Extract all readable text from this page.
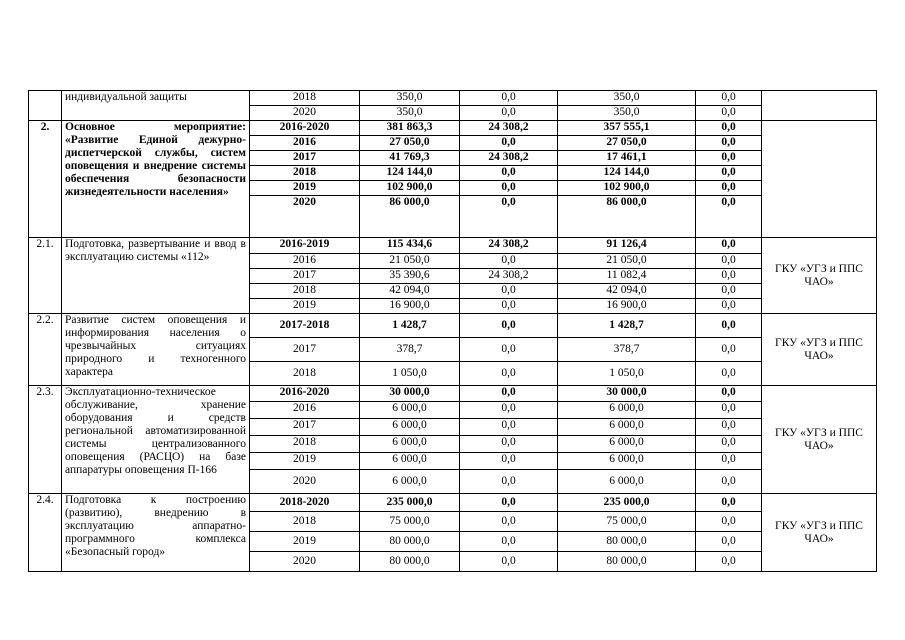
	индивидуальной защиты	2018	350,0	0,0	350,0	0,0	
		2020	350,0	0,0	350,0	0,0	
2.	Основное мероприятие: «Развитие Единой дежурно-диспетчерской службы, систем оповещения и внедрение системы обеспечения безопасности жизнедеятельности населения»	2016-2020	381 863,3	24 308,2	357 555,1	0,0	
		2016	27 050,0	0,0	27 050,0	0,0	
		2017	41 769,3	24 308,2	17 461,1	0,0	
		2018	124 144,0	0,0	124 144,0	0,0	
		2019	102 900,0	0,0	102 900,0	0,0	
		2020	86 000,0	0,0	86 000,0	0,0	
2.1.	Подготовка, развертывание и ввод в эксплуатацию системы «112»	2016-2019	115 434,6	24 308,2	91 126,4	0,0	ГКУ «УГЗ и ППС ЧАО»
		2016	21 050,0	0,0	21 050,0	0,0	
		2017	35 390,6	24 308,2	11 082,4	0,0	
		2018	42 094,0	0,0	42 094,0	0,0	
		2019	16 900,0	0,0	16 900,0	0,0	
2.2.	Развитие систем оповещения и информирования населения о чрезвычайных ситуациях природного и техногенного характера	2017-2018	1 428,7	0,0	1 428,7	0,0	ГКУ «УГЗ и ППС ЧАО»
		2017	378,7	0,0	378,7	0,0	
		2018	1 050,0	0,0	1 050,0	0,0	
2.3.	Эксплуатационно-техническое обслуживание, хранение оборудования и средств региональной автоматизированной системы централизованного оповещения (РАСЦО) на базе аппаратуры оповещения П-166	2016-2020	30 000,0	0,0	30 000,0	0,0	ГКУ «УГЗ и ППС ЧАО»
		2016	6 000,0	0,0	6 000,0	0,0	
		2017	6 000,0	0,0	6 000,0	0,0	
		2018	6 000,0	0,0	6 000,0	0,0	
		2019	6 000,0	0,0	6 000,0	0,0	
		2020	6 000,0	0,0	6 000,0	0,0	
2.4.	Подготовка к построению (развитию), внедрению в эксплуатацию аппаратно-программного комплекса «Безопасный город»	2018-2020	235 000,0	0,0	235 000,0	0,0	ГКУ «УГЗ и ППС ЧАО»
		2018	75 000,0	0,0	75 000,0	0,0	
		2019	80 000,0	0,0	80 000,0	0,0	
		2020	80 000,0	0,0	80 000,0	0,0	
